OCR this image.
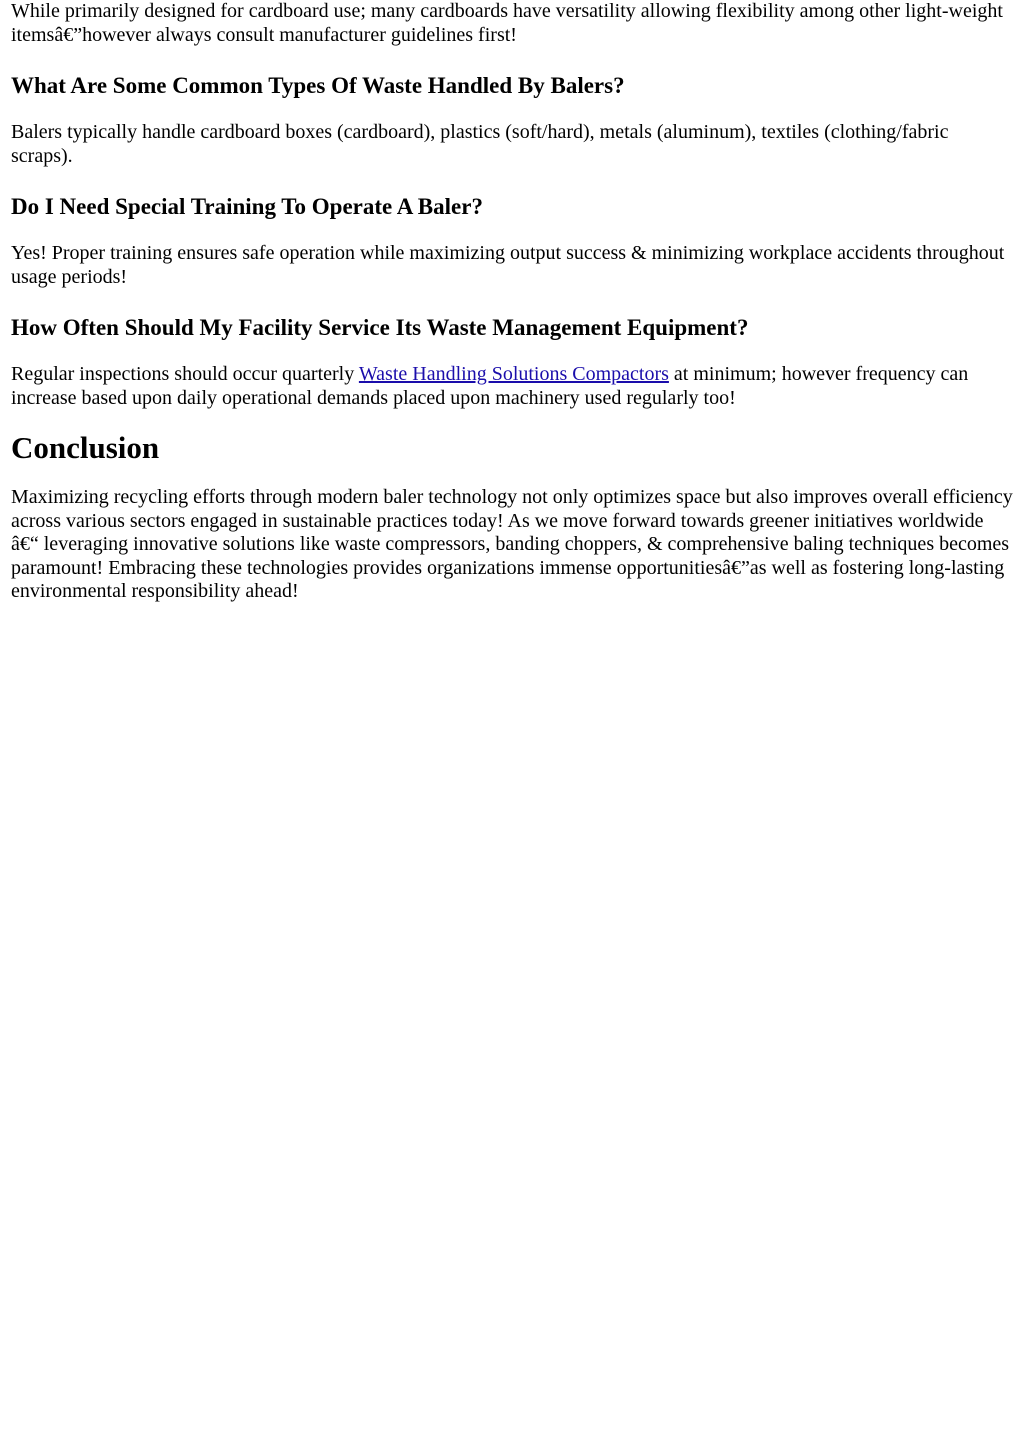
While primarily designed for cardboard use; many cardboards have versatility allowing flexibility among other light-weight itemsâ€”however always consult manufacturer guidelines first!

What Are Some Common Types Of Waste Handled By Balers?

Balers typically handle cardboard boxes (cardboard), plastics (soft/hard), metals (aluminum), textiles (clothing/fabric scraps).

Do I Need Special Training To Operate A Baler?

Yes! Proper training ensures safe operation while maximizing output success & minimizing workplace accidents throughout usage periods!

How Often Should My Facility Service Its Waste Management Equipment?

Regular inspections should occur quarterly Waste Handling Solutions Compactors at minimum; however frequency can increase based upon daily operational demands placed upon machinery used regularly too!

Conclusion

Maximizing recycling efforts through modern baler technology not only optimizes space but also improves overall efficiency across various sectors engaged in sustainable practices today! As we move forward towards greener initiatives worldwide â€“ leveraging innovative solutions like waste compressors, banding choppers, & comprehensive baling techniques becomes paramount! Embracing these technologies provides organizations immense opportunitiesâ€”as well as fostering long-lasting environmental responsibility ahead!
